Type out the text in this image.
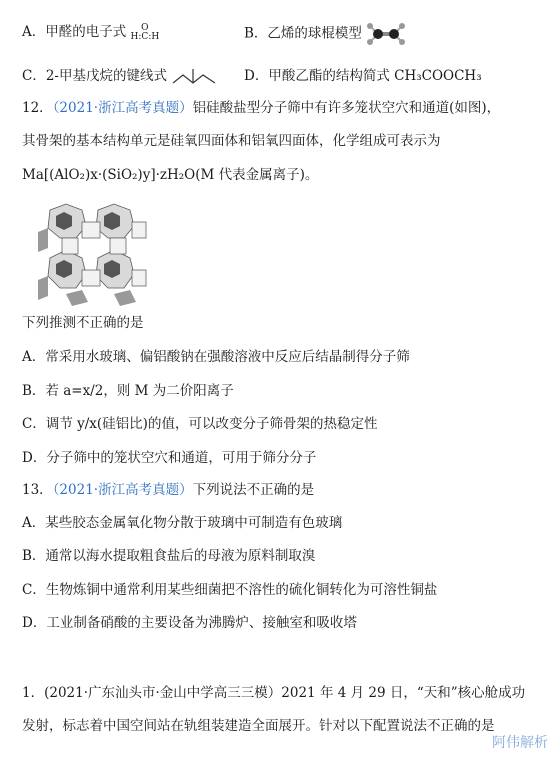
A．甲醛的电子式 O
H:C:H	B．乙烯的球棍模型
C．2-甲基戊烷的键线式	D．甲酸乙酯的结构简式 CH₃COOCH₃
12．（2021·浙江高考真题）铝硅酸盐型分子筛中有许多笼状空穴和通道(如图)，
其骨架的基本结构单元是硅氧四面体和铝氧四面体，化学组成可表示为
Ma[(AlO₂)x·(SiO₂)y]·zH₂O(M 代表金属离子)。
下列推测不正确的是
A．常采用水玻璃、偏铝酸钠在强酸溶液中反应后结晶制得分子筛
B．若 a=x/2，则 M 为二价阳离子
C．调节 y/x(硅铝比)的值，可以改变分子筛骨架的热稳定性
D．分子筛中的笼状空穴和通道，可用于筛分分子
13．（2021·浙江高考真题）下列说法不正确的是
A．某些胶态金属氧化物分散于玻璃中可制造有色玻璃
B．通常以海水提取粗食盐后的母液为原料制取溴
C．生物炼铜中通常利用某些细菌把不溶性的硫化铜转化为可溶性铜盐
D．工业制备硝酸的主要设备为沸腾炉、接触室和吸收塔
1．(2021·广东汕头市·金山中学高三三模）2021 年 4 月 29 日，“天和”核心舱成功
发射，标志着中国空间站在轨组装建造全面展开。针对以下配置说法不正确的是
阿伟解析
